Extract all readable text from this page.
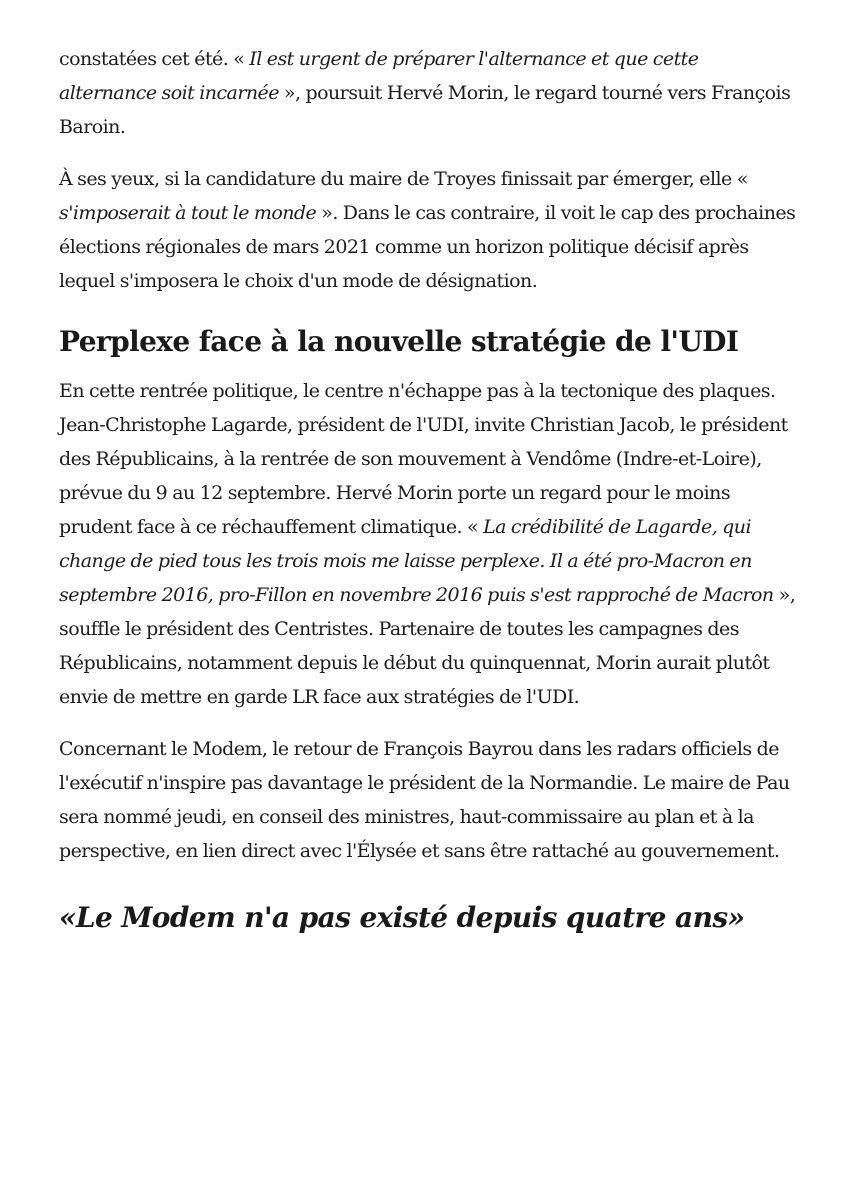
constatées cet été. « Il est urgent de préparer l'alternance et que cette alternance soit incarnée », poursuit Hervé Morin, le regard tourné vers François Baroin.

À ses yeux, si la candidature du maire de Troyes finissait par émerger, elle « s'imposerait à tout le monde ». Dans le cas contraire, il voit le cap des prochaines élections régionales de mars 2021 comme un horizon politique décisif après lequel s'imposera le choix d'un mode de désignation.

Perplexe face à la nouvelle stratégie de l'UDI

En cette rentrée politique, le centre n'échappe pas à la tectonique des plaques. Jean-Christophe Lagarde, président de l'UDI, invite Christian Jacob, le président des Républicains, à la rentrée de son mouvement à Vendôme (Indre-et-Loire), prévue du 9 au 12 septembre. Hervé Morin porte un regard pour le moins prudent face à ce réchauffement climatique. « La crédibilité de Lagarde, qui change de pied tous les trois mois me laisse perplexe. Il a été pro-Macron en septembre 2016, pro-Fillon en novembre 2016 puis s'est rapproché de Macron », souffle le président des Centristes. Partenaire de toutes les campagnes des Républicains, notamment depuis le début du quinquennat, Morin aurait plutôt envie de mettre en garde LR face aux stratégies de l'UDI.

Concernant le Modem, le retour de François Bayrou dans les radars officiels de l'exécutif n'inspire pas davantage le président de la Normandie. Le maire de Pau sera nommé jeudi, en conseil des ministres, haut-commissaire au plan et à la perspective, en lien direct avec l'Élysée et sans être rattaché au gouvernement.

«Le Modem n'a pas existé depuis quatre ans»
